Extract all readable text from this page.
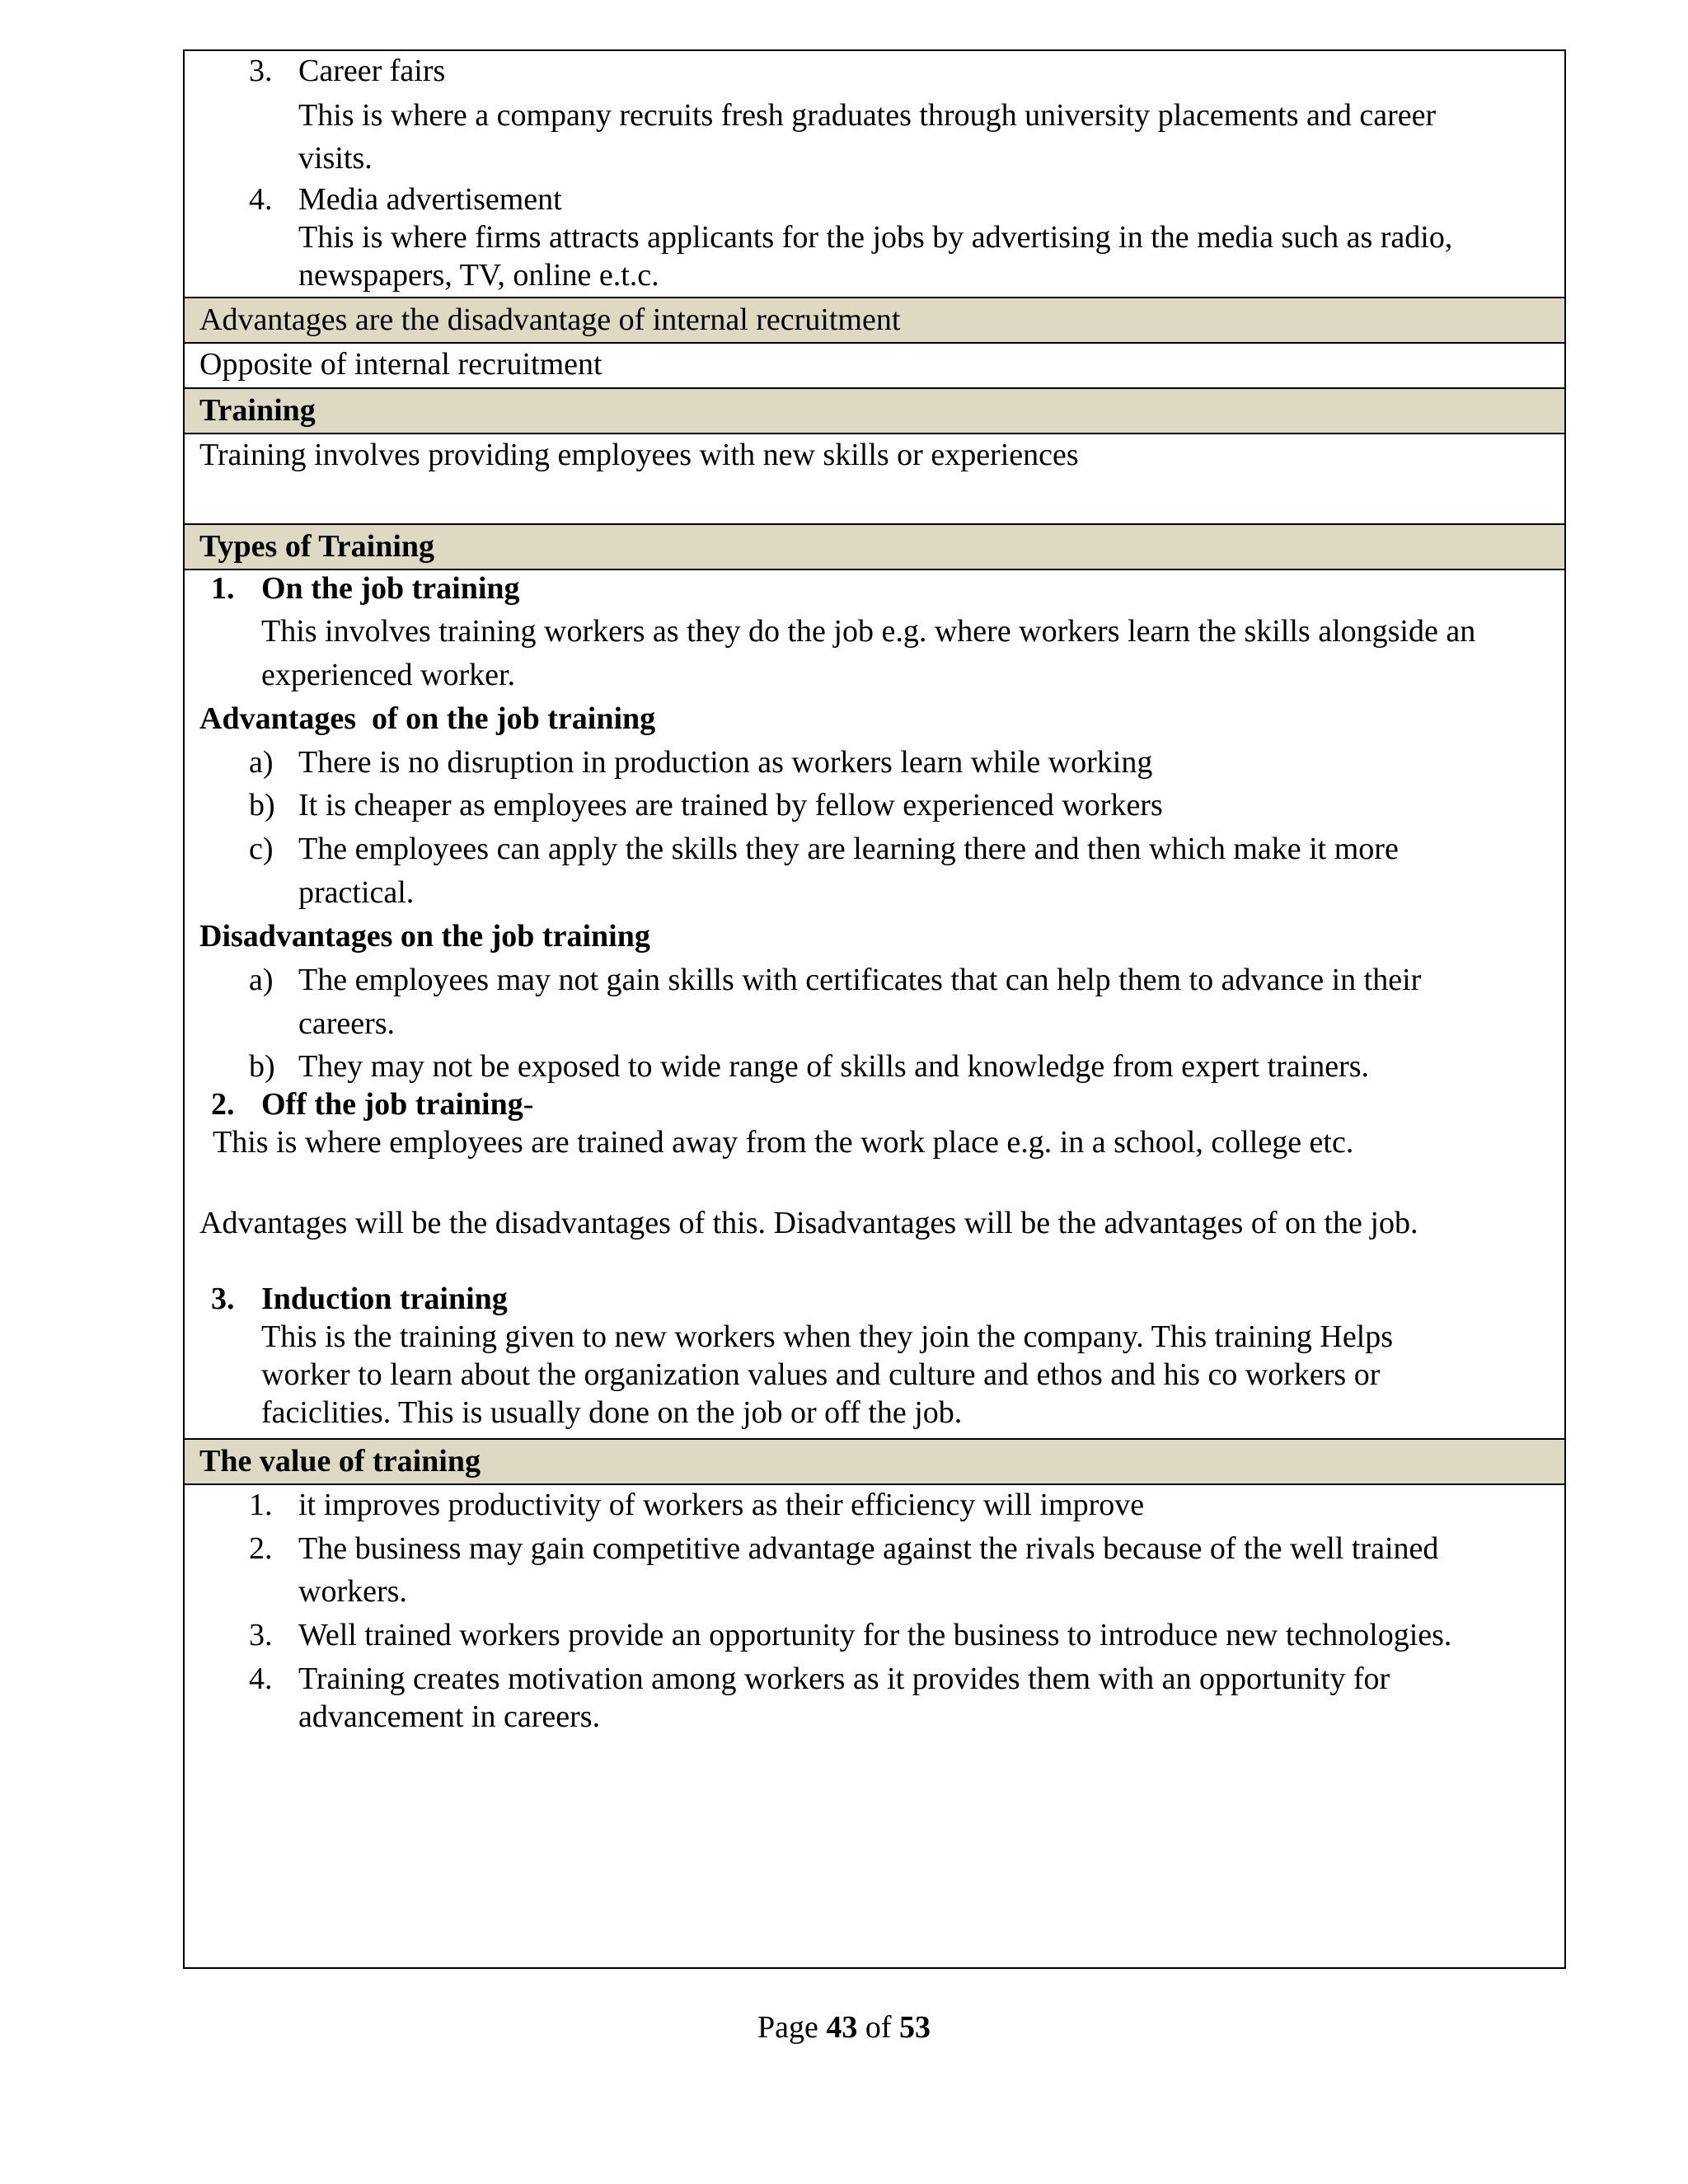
3. Career fairs
This is where a company recruits fresh graduates through university placements and career
visits.
4. Media advertisement
This is where firms attracts applicants for the jobs by advertising in the media such as radio,
newspapers, TV, online e.t.c.
Advantages are the disadvantage of internal recruitment
Opposite of internal recruitment
Training
Training involves providing employees with new skills or experiences
Types of Training
1. On the job training
This involves training workers as they do the job e.g. where workers learn the skills alongside an
experienced worker.
Advantages  of on the job training
a) There is no disruption in production as workers learn while working
b) It is cheaper as employees are trained by fellow experienced workers
c) The employees can apply the skills they are learning there and then which make it more
practical.
Disadvantages on the job training
a) The employees may not gain skills with certificates that can help them to advance in their
careers.
b) They may not be exposed to wide range of skills and knowledge from expert trainers.
2. Off the job training-
This is where employees are trained away from the work place e.g. in a school, college etc.
Advantages will be the disadvantages of this. Disadvantages will be the advantages of on the job.
3. Induction training
This is the training given to new workers when they join the company. This training Helps
worker to learn about the organization values and culture and ethos and his co workers or
faciclities. This is usually done on the job or off the job.
The value of training
1. it improves productivity of workers as their efficiency will improve
2. The business may gain competitive advantage against the rivals because of the well trained
workers.
3. Well trained workers provide an opportunity for the business to introduce new technologies.
4. Training creates motivation among workers as it provides them with an opportunity for
advancement in careers.
Page 43 of 53
